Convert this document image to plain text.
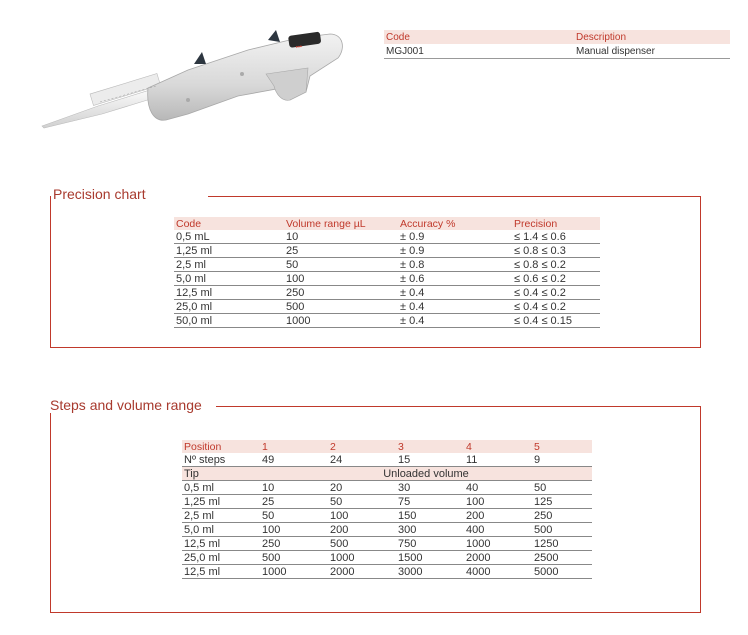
•••
Code	Description
MGJ001	Manual dispenser
Precision chart
Code	Volume range µL	Accuracy %	Precision
0,5 mL	10	± 0.9	≤ 1.4 ≤ 0.6
1,25 ml	25	± 0.9	≤ 0.8 ≤ 0.3
2,5 ml	50	± 0.8	≤ 0.8 ≤ 0.2
5,0 ml	100	± 0.6	≤ 0.6 ≤ 0.2
12,5 ml	250	± 0.4	≤ 0.4 ≤ 0.2
25,0 ml	500	± 0.4	≤ 0.4 ≤ 0.2
50,0 ml	1000	± 0.4	≤ 0.4 ≤ 0.15
Steps and volume range
Position	1	2	3	4	5
Nº steps	49	24	15	11	9
Tip	Unloaded volume				
0,5 ml	10	20	30	40	50
1,25 ml	25	50	75	100	125
2,5 ml	50	100	150	200	250
5,0 ml	100	200	300	400	500
12,5 ml	250	500	750	1000	1250
25,0 ml	500	1000	1500	2000	2500
12,5 ml	1000	2000	3000	4000	5000
